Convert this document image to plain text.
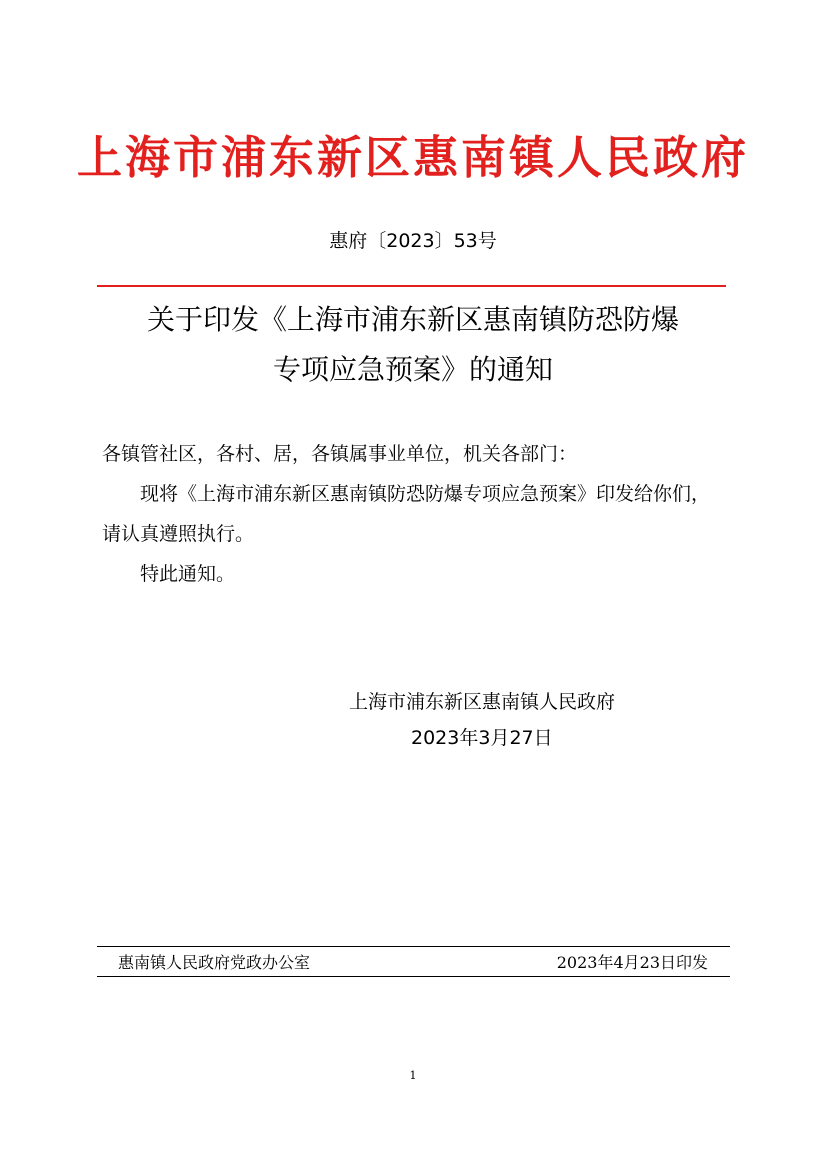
上海市浦东新区惠南镇人民政府
惠府〔2023〕53号
关于印发《上海市浦东新区惠南镇防恐防爆
专项应急预案》的通知

各镇管社区，各村、居，各镇属事业单位，机关各部门：

现将《上海市浦东新区惠南镇防恐防爆专项应急预案》印发给你们，请认真遵照执行。

特此通知。

上海市浦东新区惠南镇人民政府
2023年3月27日
惠南镇人民政府党政办公室	2023年4月23日印发
1
